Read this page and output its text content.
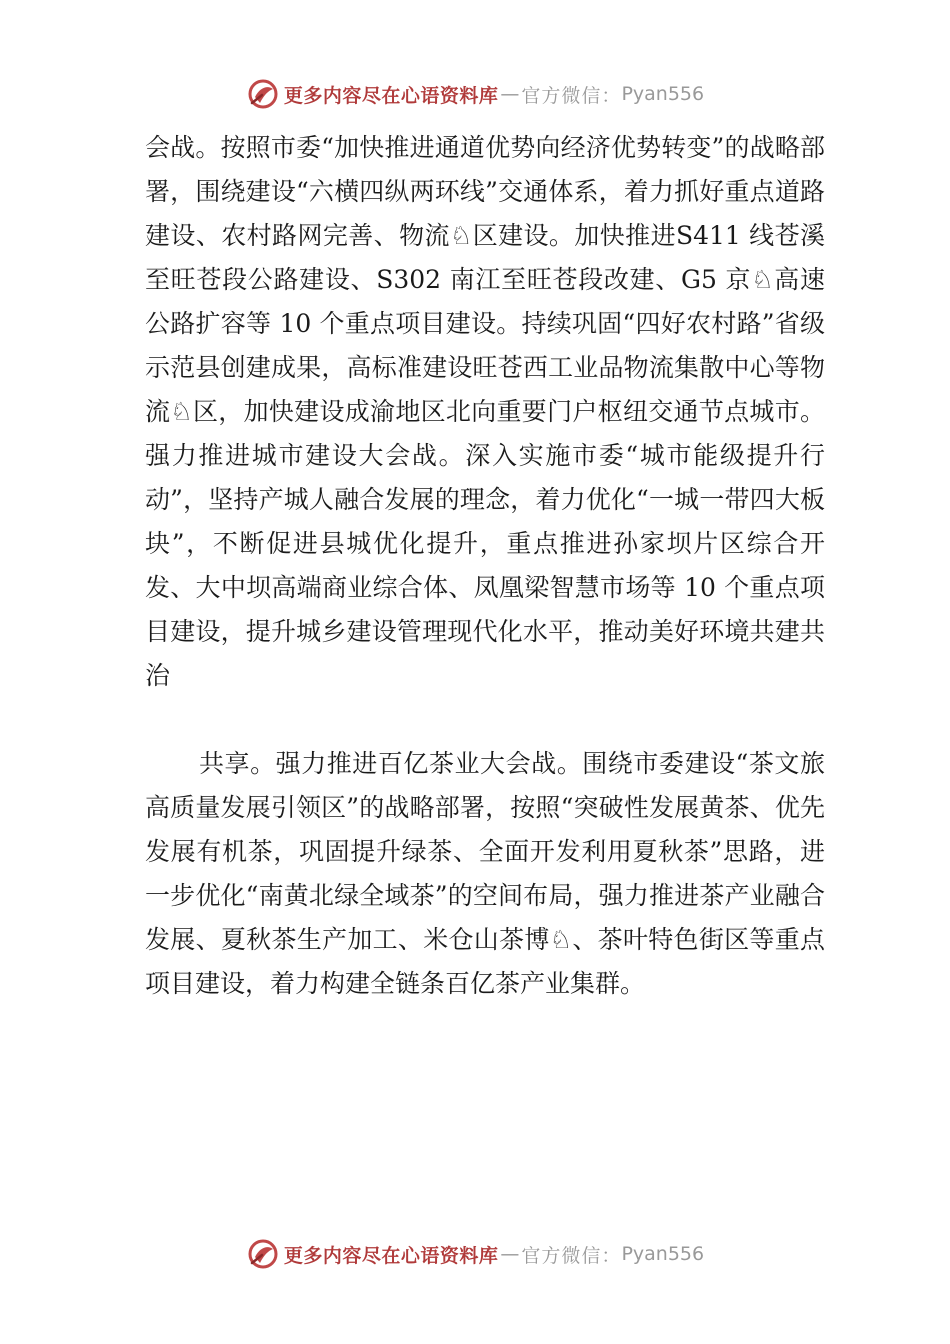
更多内容尽在心语资料库 — 官方微信： Pyan556

会战。按照市委“加快推进通道优势向经济优势转变”的战略部署，围绕建设“六横四纵两环线”交通体系，着力抓好重点道路建设、农村路网完善、物流♘区建设。加快推进S411 线苍溪至旺苍段公路建设、S302 南江至旺苍段改建、G5 京♘高速公路扩容等 10 个重点项目建设。持续巩固“四好农村路”省级示范县创建成果，高标准建设旺苍西工业品物流集散中心等物流♘区，加快建设成渝地区北向重要门户枢纽交通节点城市。强力推进城市建设大会战。深入实施市委“城市能级提升行动”，坚持产城人融合发展的理念，着力优化“一城一带四大板块”，不断促进县城优化提升，重点推进孙家坝片区综合开发、大中坝高端商业综合体、凤凰梁智慧市场等 10 个重点项目建设，提升城乡建设管理现代化水平，推动美好环境共建共治

共享。强力推进百亿茶业大会战。围绕市委建设“茶文旅高质量发展引领区”的战略部署，按照“突破性发展黄茶、优先发展有机茶，巩固提升绿茶、全面开发利用夏秋茶”思路，进一步优化“南黄北绿全域茶”的空间布局，强力推进茶产业融合发展、夏秋茶生产加工、米仓山茶博♘、茶叶特色街区等重点项目建设，着力构建全链条百亿茶产业集群。

更多内容尽在心语资料库 — 官方微信： Pyan556
